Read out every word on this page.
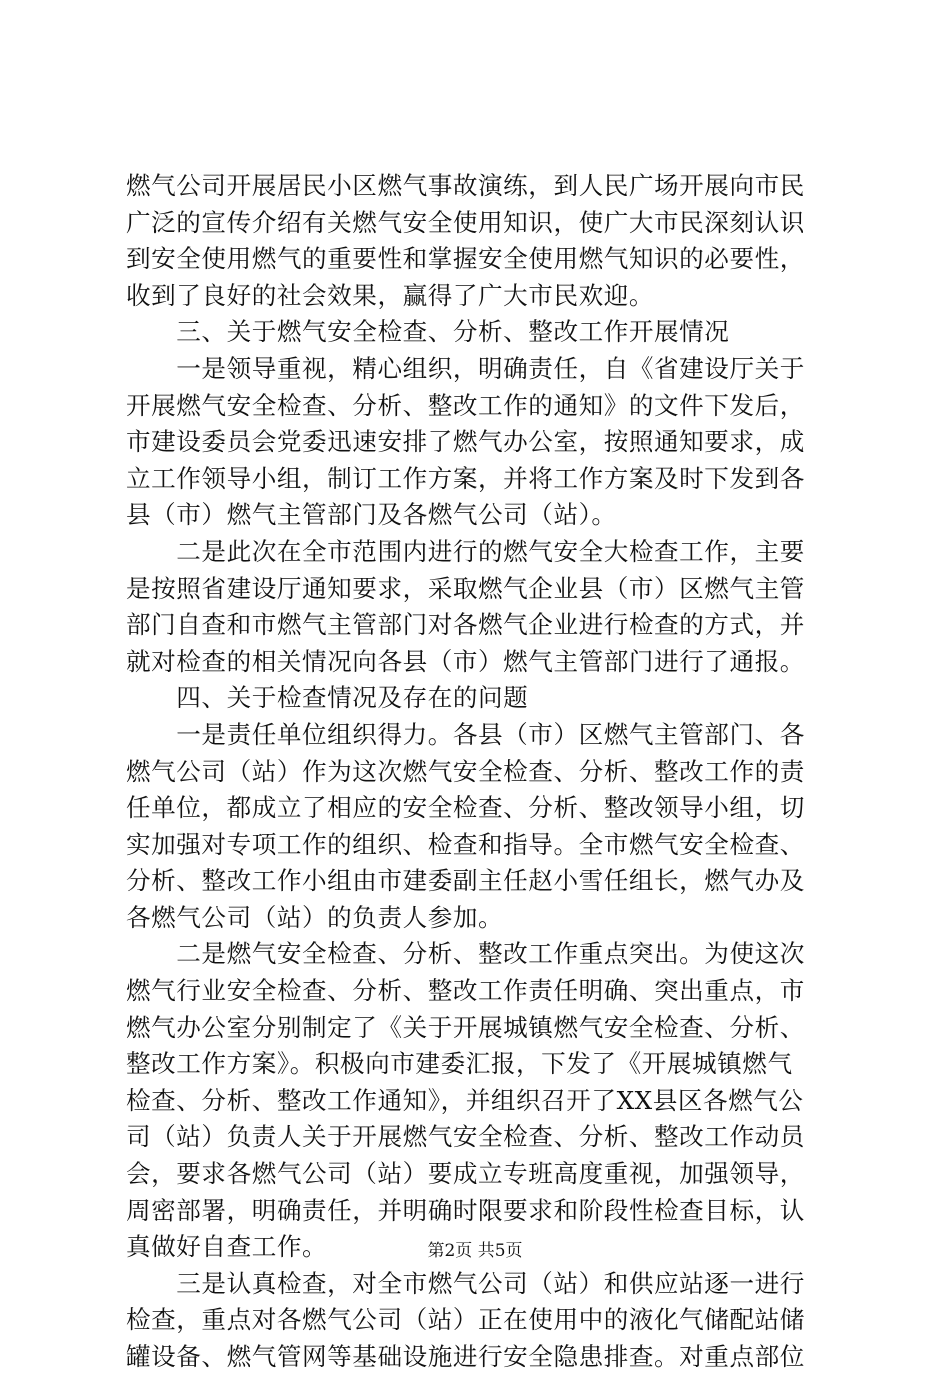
燃气公司开展居民小区燃气事故演练，到人民广场开展向市民
广泛的宣传介绍有关燃气安全使用知识，使广大市民深刻认识
到安全使用燃气的重要性和掌握安全使用燃气知识的必要性，
收到了良好的社会效果，赢得了广大市民欢迎。
　　三、关于燃气安全检查、分析、整改工作开展情况
　　一是领导重视，精心组织，明确责任，自《省建设厅关于
开展燃气安全检查、分析、整改工作的通知》的文件下发后，
市建设委员会党委迅速安排了燃气办公室，按照通知要求，成
立工作领导小组，制订工作方案，并将工作方案及时下发到各
县（市）燃气主管部门及各燃气公司（站）。
　　二是此次在全市范围内进行的燃气安全大检查工作，主要
是按照省建设厅通知要求，采取燃气企业县（市）区燃气主管
部门自查和市燃气主管部门对各燃气企业进行检查的方式，并
就对检查的相关情况向各县（市）燃气主管部门进行了通报。
　　四、关于检查情况及存在的问题
　　一是责任单位组织得力。各县（市）区燃气主管部门、各
燃气公司（站）作为这次燃气安全检查、分析、整改工作的责
任单位，都成立了相应的安全检查、分析、整改领导小组，切
实加强对专项工作的组织、检查和指导。全市燃气安全检查、
分析、整改工作小组由市建委副主任赵小雪任组长，燃气办及
各燃气公司（站）的负责人参加。
　　二是燃气安全检查、分析、整改工作重点突出。为使这次
燃气行业安全检查、分析、整改工作责任明确、突出重点，市
燃气办公室分别制定了《关于开展城镇燃气安全检查、分析、
整改工作方案》。积极向市建委汇报，下发了《开展城镇燃气
检查、分析、整改工作通知》，并组织召开了XX县区各燃气公
司（站）负责人关于开展燃气安全检查、分析、整改工作动员
会，要求各燃气公司（站）要成立专班高度重视，加强领导，
周密部署，明确责任，并明确时限要求和阶段性检查目标，认
真做好自查工作。
　　三是认真检查，对全市燃气公司（站）和供应站逐一进行
检查，重点对各燃气公司（站）正在使用中的液化气储配站储
罐设备、燃气管网等基础设施进行安全隐患排查。对重点部位
第2页 共5页
